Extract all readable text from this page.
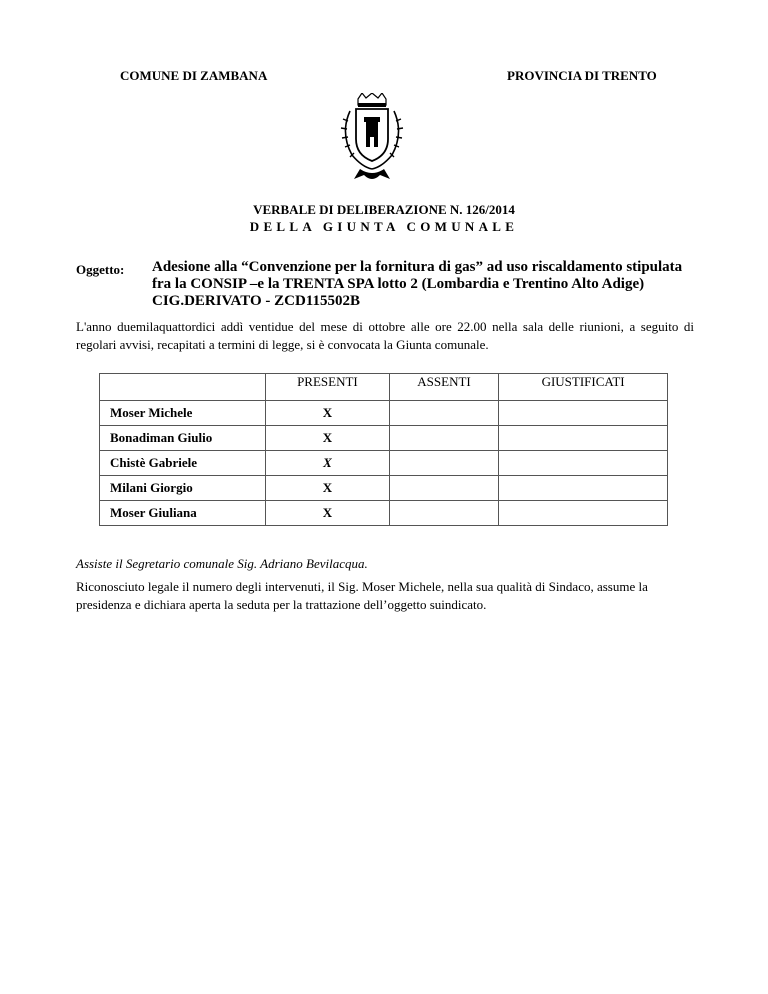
COMUNE DI ZAMBANA	PROVINCIA DI TRENTO
VERBALE DI DELIBERAZIONE N. 126/2014
DELLA GIUNTA COMUNALE
Oggetto: Adesione alla “Convenzione per la fornitura di gas” ad uso riscaldamento stipulata fra la CONSIP –e la TRENTA SPA lotto 2 (Lombardia e Trentino Alto Adige) CIG.DERIVATO - ZCD115502B
L'anno duemilaquattordici addì ventidue del mese di ottobre alle ore 22.00 nella sala delle riunioni, a seguito di regolari avvisi, recapitati a termini di legge, si è convocata la Giunta comunale.
	PRESENTI	ASSENTI	GIUSTIFICATI
Moser Michele	X		
Bonadiman Giulio	X		
Chistè Gabriele	X		
Milani Giorgio	X		
Moser Giuliana	X		
Assiste il Segretario comunale Sig. Adriano Bevilacqua.
Riconosciuto legale il numero degli intervenuti, il Sig. Moser Michele, nella sua qualità di Sindaco, assume la presidenza e dichiara aperta la seduta per la trattazione dell’oggetto suindicato.
